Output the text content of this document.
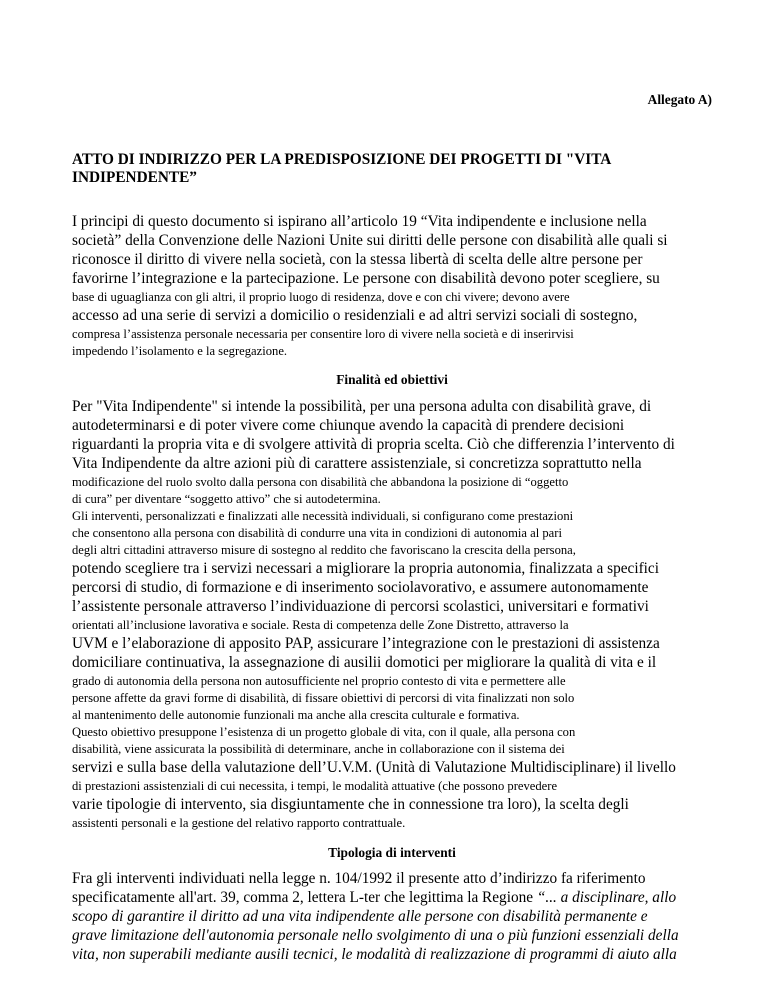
Allegato A)
ATTO DI INDIRIZZO PER LA PREDISPOSIZIONE DEI PROGETTI DI "VITA
INDIPENDENTE”
I principi di questo documento si ispirano all’articolo 19 “Vita indipendente e inclusione nella
società” della Convenzione delle Nazioni Unite sui diritti delle persone con disabilità alle quali si
riconosce il diritto di vivere nella società, con la stessa libertà di scelta delle altre persone per
favorirne l’integrazione e la partecipazione. Le persone con disabilità devono poter scegliere, su
base di uguaglianza con gli altri, il proprio luogo di residenza, dove e con chi vivere; devono avere
accesso ad una serie di servizi a domicilio o residenziali e ad altri servizi sociali di sostegno,
compresa l’assistenza personale necessaria per consentire loro di vivere nella società e di inserirvisi
impedendo l’isolamento e la segregazione.
Finalità ed obiettivi
Per "Vita Indipendente" si intende la possibilità, per una persona adulta con disabilità grave, di
autodeterminarsi e di poter vivere come chiunque avendo la capacità di prendere decisioni
riguardanti la propria vita e di svolgere attività di propria scelta. Ciò che differenzia l’intervento di
Vita Indipendente da altre azioni più di carattere assistenziale, si concretizza soprattutto nella
modificazione del ruolo svolto dalla persona con disabilità che abbandona la posizione di “oggetto
di cura” per diventare “soggetto attivo” che si autodetermina.
Gli interventi, personalizzati e finalizzati alle necessità individuali, si configurano come prestazioni
che consentono alla persona con disabilità di condurre una vita in condizioni di autonomia al pari
degli altri cittadini attraverso misure di sostegno al reddito che favoriscano la crescita della persona,
potendo scegliere tra i servizi necessari a migliorare la propria autonomia, finalizzata a specifici
percorsi di studio, di formazione e di inserimento sociolavorativo, e assumere autonomamente
l’assistente personale attraverso l’individuazione di percorsi scolastici, universitari e formativi
orientati all’inclusione lavorativa e sociale. Resta di competenza delle Zone Distretto, attraverso la
UVM e l’elaborazione di apposito PAP, assicurare l’integrazione con le prestazioni di assistenza
domiciliare continuativa, la assegnazione di ausilii domotici per migliorare la qualità di vita e il
grado di autonomia della persona non autosufficiente nel proprio contesto di vita e permettere alle
persone affette da gravi forme di disabilità, di fissare obiettivi di percorsi di vita finalizzati non solo
al mantenimento delle autonomie funzionali ma anche alla crescita culturale e formativa.
Questo obiettivo presuppone l’esistenza di un progetto globale di vita, con il quale, alla persona con
disabilità, viene assicurata la possibilità di determinare, anche in collaborazione con il sistema dei
servizi e sulla base della valutazione dell’U.V.M. (Unità di Valutazione Multidisciplinare) il livello
di prestazioni assistenziali di cui necessita, i tempi, le modalità attuative (che possono prevedere
varie tipologie di intervento, sia disgiuntamente che in connessione tra loro), la scelta degli
assistenti personali e la gestione del relativo rapporto contrattuale.
Tipologia di interventi
Fra gli interventi individuati nella legge n. 104/1992 il presente atto d’indirizzo fa riferimento
specificatamente all'art. 39, comma 2, lettera L-ter che legittima la Regione “... a disciplinare, allo
scopo di garantire il diritto ad una vita indipendente alle persone con disabilità permanente e
grave limitazione dell'autonomia personale nello svolgimento di una o più funzioni essenziali della
vita, non superabili mediante ausili tecnici, le modalità di realizzazione di programmi di aiuto alla
